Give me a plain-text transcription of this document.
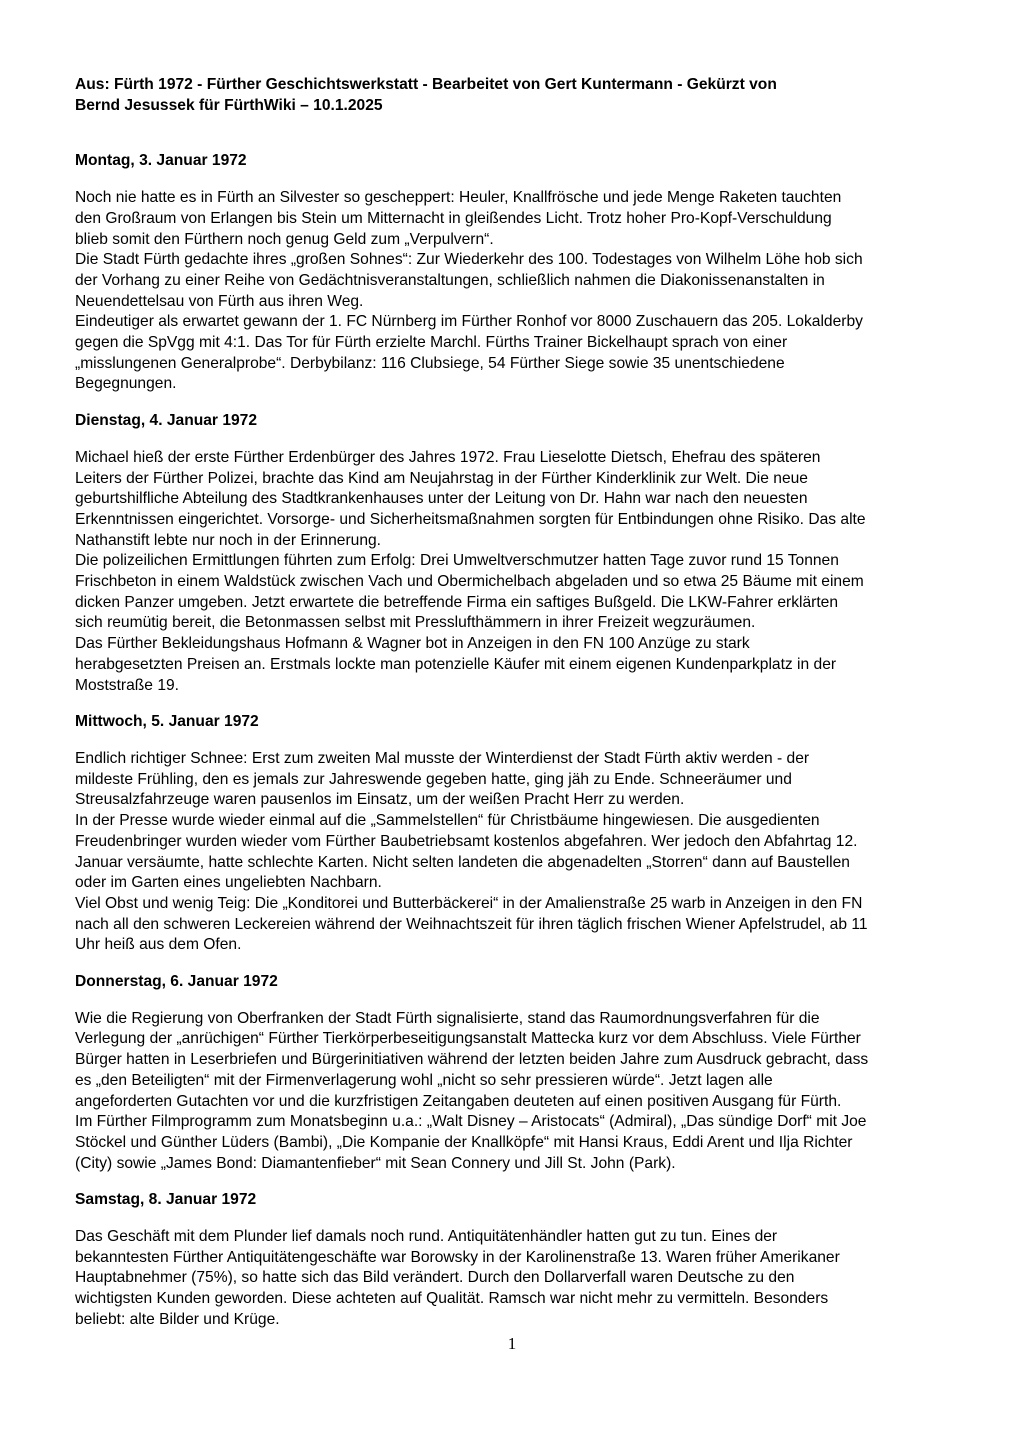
Aus: Fürth 1972 - Fürther Geschichtswerkstatt - Bearbeitet von Gert Kuntermann - Gekürzt von
Bernd Jesussek für FürthWiki – 10.1.2025
Montag, 3. Januar 1972
Noch nie hatte es in Fürth an Silvester so gescheppert: Heuler, Knallfrösche und jede Menge Raketen tauchten
den Großraum von Erlangen bis Stein um Mitternacht in gleißendes Licht. Trotz hoher Pro-Kopf-Verschuldung
blieb somit den Fürthern noch genug Geld zum „Verpulvern“.
Die Stadt Fürth gedachte ihres „großen Sohnes“: Zur Wiederkehr des 100. Todestages von Wilhelm Löhe hob sich
der Vorhang zu einer Reihe von Gedächtnisveranstaltungen, schließlich nahmen die Diakonissenanstalten in
Neuendettelsau von Fürth aus ihren Weg.
Eindeutiger als erwartet gewann der 1. FC Nürnberg im Fürther Ronhof vor 8000 Zuschauern das 205. Lokalderby
gegen die SpVgg mit 4:1. Das Tor für Fürth erzielte Marchl. Fürths Trainer Bickelhaupt sprach von einer
„misslungenen Generalprobe“. Derbybilanz: 116 Clubsiege, 54 Fürther Siege sowie 35 unentschiedene
Begegnungen.
Dienstag, 4. Januar 1972
Michael hieß der erste Fürther Erdenbürger des Jahres 1972. Frau Lieselotte Dietsch, Ehefrau des späteren
Leiters der Fürther Polizei, brachte das Kind am Neujahrstag in der Fürther Kinderklinik zur Welt. Die neue
geburtshilfliche Abteilung des Stadtkrankenhauses unter der Leitung von Dr. Hahn war nach den neuesten
Erkenntnissen eingerichtet. Vorsorge- und Sicherheitsmaßnahmen sorgten für Entbindungen ohne Risiko. Das alte
Nathanstift lebte nur noch in der Erinnerung.
Die polizeilichen Ermittlungen führten zum Erfolg: Drei Umweltverschmutzer hatten Tage zuvor rund 15 Tonnen
Frischbeton in einem Waldstück zwischen Vach und Obermichelbach abgeladen und so etwa 25 Bäume mit einem
dicken Panzer umgeben. Jetzt erwartete die betreffende Firma ein saftiges Bußgeld. Die LKW-Fahrer erklärten
sich reumütig bereit, die Betonmassen selbst mit Presslufthämmern in ihrer Freizeit wegzuräumen.
Das Fürther Bekleidungshaus Hofmann & Wagner bot in Anzeigen in den FN 100 Anzüge zu stark
herabgesetzten Preisen an. Erstmals lockte man potenzielle Käufer mit einem eigenen Kundenparkplatz in der
Moststraße 19.
Mittwoch, 5. Januar 1972
Endlich richtiger Schnee: Erst zum zweiten Mal musste der Winterdienst der Stadt Fürth aktiv werden - der
mildeste Frühling, den es jemals zur Jahreswende gegeben hatte, ging jäh zu Ende. Schneeräumer und
Streusalzfahrzeuge waren pausenlos im Einsatz, um der weißen Pracht Herr zu werden.
In der Presse wurde wieder einmal auf die „Sammelstellen“ für Christbäume hingewiesen. Die ausgedienten
Freudenbringer wurden wieder vom Fürther Baubetriebsamt kostenlos abgefahren. Wer jedoch den Abfahrtag 12.
Januar versäumte, hatte schlechte Karten. Nicht selten landeten die abgenadelten „Storren“ dann auf Baustellen
oder im Garten eines ungeliebten Nachbarn.
Viel Obst und wenig Teig: Die „Konditorei und Butterbäckerei“ in der Amalienstraße 25 warb in Anzeigen in den FN
nach all den schweren Leckereien während der Weihnachtszeit für ihren täglich frischen Wiener Apfelstrudel, ab 11
Uhr heiß aus dem Ofen.
Donnerstag, 6. Januar 1972
Wie die Regierung von Oberfranken der Stadt Fürth signalisierte, stand das Raumordnungsverfahren für die
Verlegung der „anrüchigen“ Fürther Tierkörperbeseitigungsanstalt Mattecka kurz vor dem Abschluss. Viele Fürther
Bürger hatten in Leserbriefen und Bürgerinitiativen während der letzten beiden Jahre zum Ausdruck gebracht, dass
es „den Beteiligten“ mit der Firmenverlagerung wohl „nicht so sehr pressieren würde“. Jetzt lagen alle
angeforderten Gutachten vor und die kurzfristigen Zeitangaben deuteten auf einen positiven Ausgang für Fürth.
Im Fürther Filmprogramm zum Monatsbeginn u.a.: „Walt Disney – Aristocats“ (Admiral), „Das sündige Dorf“ mit Joe
Stöckel und Günther Lüders (Bambi), „Die Kompanie der Knallköpfe“ mit Hansi Kraus, Eddi Arent und Ilja Richter
(City) sowie „James Bond: Diamantenfieber“ mit Sean Connery und Jill St. John (Park).
Samstag, 8. Januar 1972
Das Geschäft mit dem Plunder lief damals noch rund. Antiquitätenhändler hatten gut zu tun. Eines der
bekanntesten Fürther Antiquitätengeschäfte war Borowsky in der Karolinenstraße 13. Waren früher Amerikaner
Hauptabnehmer (75%), so hatte sich das Bild verändert. Durch den Dollarverfall waren Deutsche zu den
wichtigsten Kunden geworden. Diese achteten auf Qualität. Ramsch war nicht mehr zu vermitteln. Besonders
beliebt: alte Bilder und Krüge.
1
